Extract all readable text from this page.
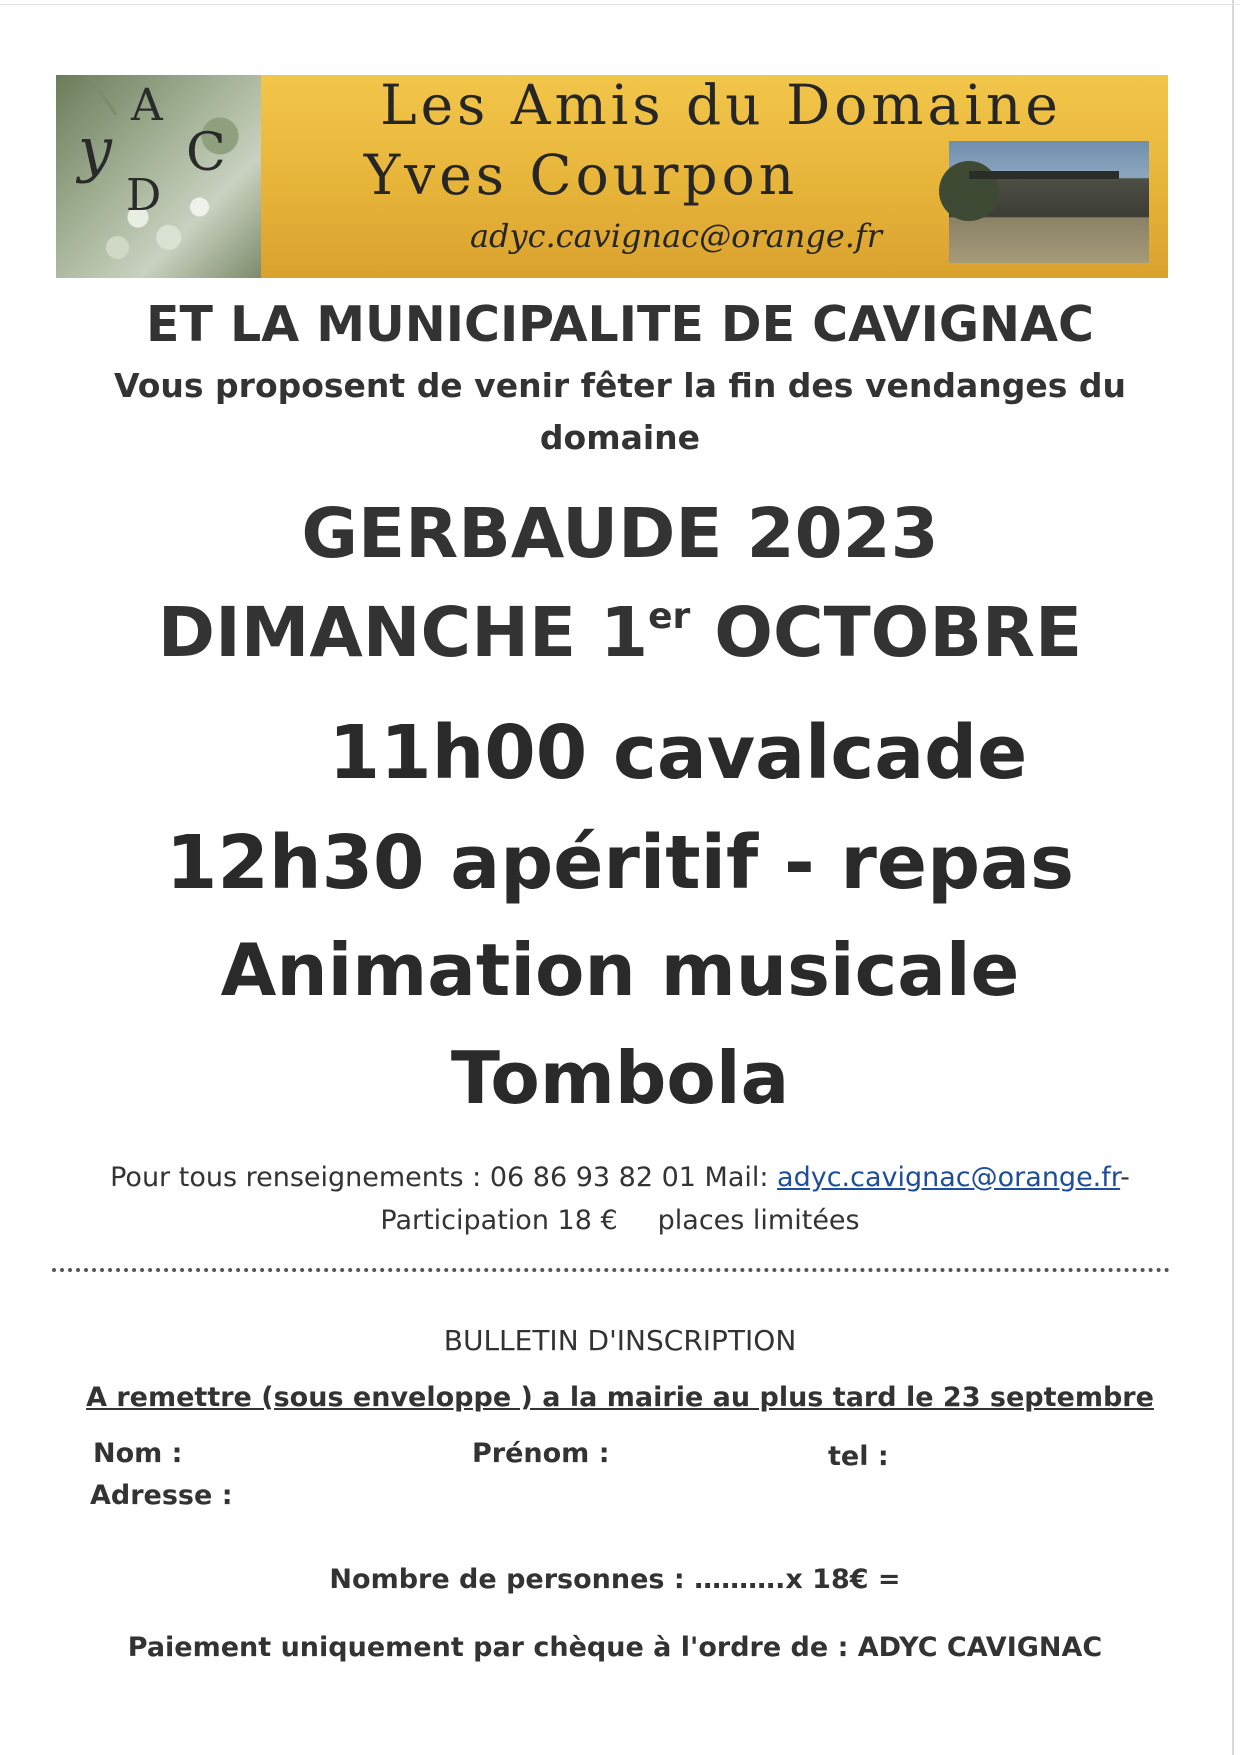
A
y C
D
Les Amis du Domaine
Yves Courpon
adyc.cavignac@orange.fr
ET LA MUNICIPALITE DE CAVIGNAC
Vous proposent de venir fêter la fin des vendanges du
domaine
GERBAUDE 2023
DIMANCHE 1er OCTOBRE
11h00 cavalcade
12h30 apéritif - repas
Animation musicale
Tombola
Pour tous renseignements : 06 86 93 82 01 Mail: adyc.cavignac@orange.fr-
Participation 18 € places limitées
BULLETIN D'INSCRIPTION
A remettre (sous enveloppe ) a la mairie au plus tard le 23 septembre
Nom :	Prénom :	tel :
Adresse :
Nombre de personnes : ……….x 18€ =
Paiement uniquement par chèque à l'ordre de : ADYC CAVIGNAC
